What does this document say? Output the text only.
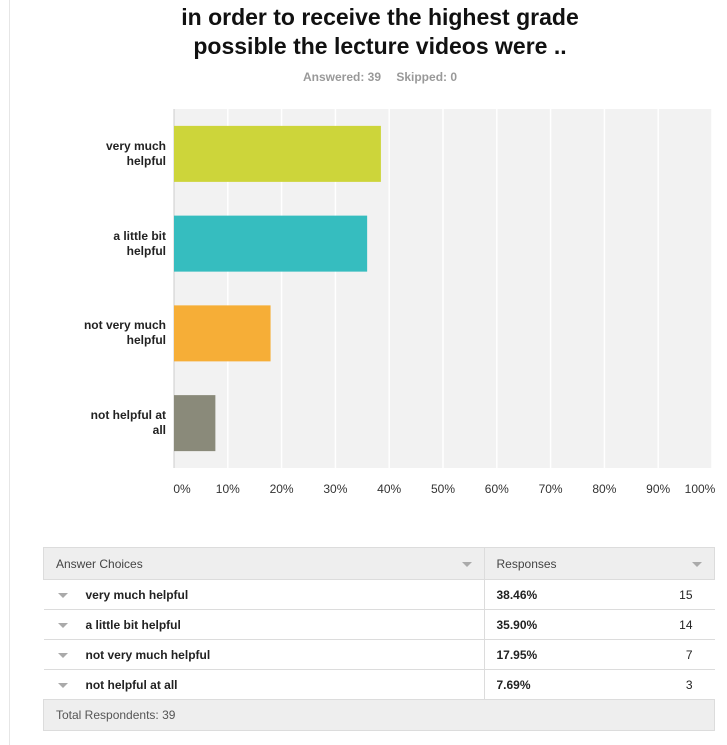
in order to receive the highest grade
possible the lecture videos were ..
Answered: 39 Skipped: 0
0%	10%	20%	30%	40%	50%	60%	70%	80%	90%	100%
very much
helpful
a little bit
helpful
not very much
helpful
not helpful at
all
Answer Choices	Responses	

very much helpful	38.46%	15
a little bit helpful	35.90%	14
not very much helpful	17.95%	7
not helpful at all	7.69%	3
Total Respondents: 39		
